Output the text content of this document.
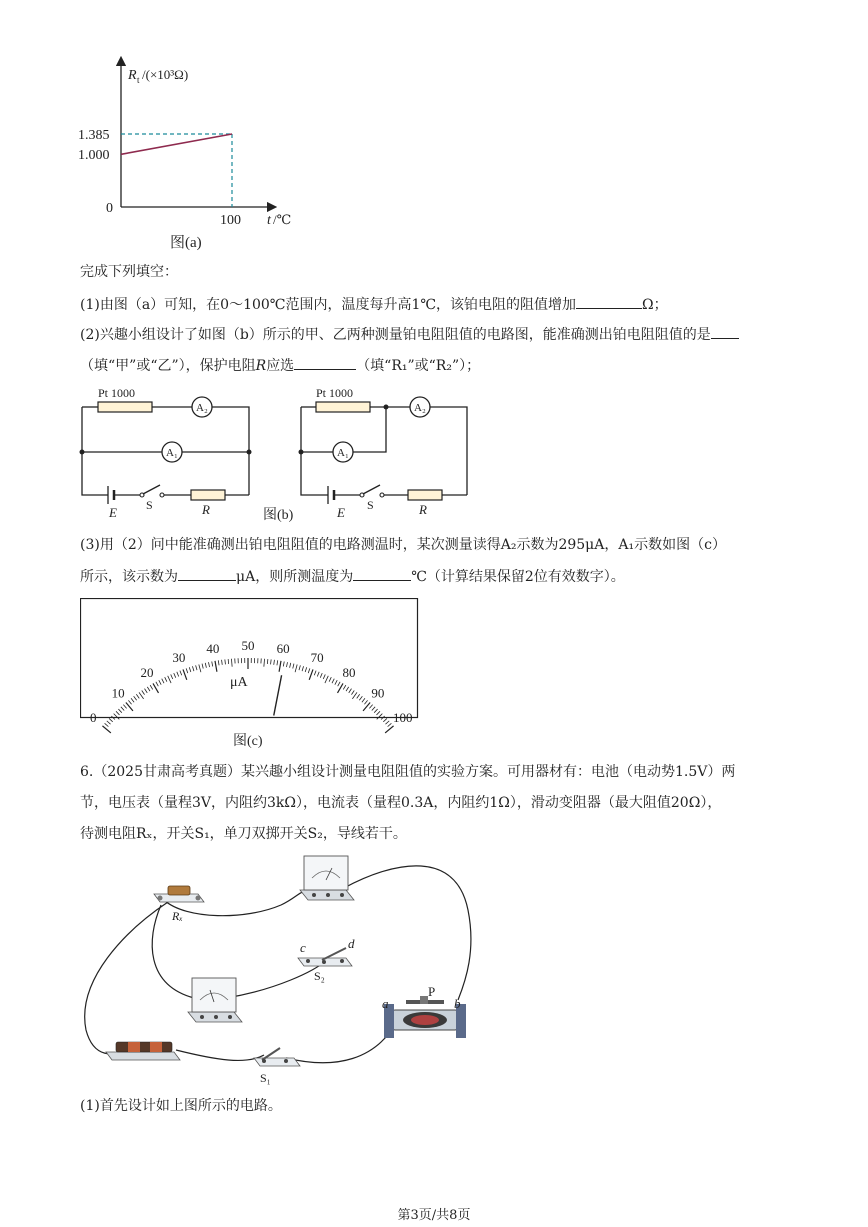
R t /(×10³Ω)
t /℃
1.385
1.000
0
100
图(a)
完成下列填空：
(1)由图（a）可知，在0～100℃范围内，温度每升高1℃，该铂电阻的阻值增加	Ω；
(2)兴趣小组设计了如图（b）所示的甲、乙两种测量铂电阻阻值的电路图，能准确测出铂电阻阻值的是
（填“甲”或“乙”），保护电阻R应选	（填“R₁”或“R₂”）；
Pt 1000
A₂
A₁
E S	R
Pt 1000
A₂
A₁
E S	R
图(b)
(3)用（2）问中能准确测出铂电阻阻值的电路测温时，某次测量读得A₂示数为295μA，A₁示数如图（c）
所示，该示数为	μA，则所测温度为	℃（计算结果保留2位有效数字）。
0
10
20
30
40 50 60
70
80
90
100
μA
图(c)
6.（2025甘肃高考真题）某兴趣小组设计测量电阻阻值的实验方案。可用器材有：电池（电动势1.5V）两
节，电压表（量程3V，内阻约3kΩ），电流表（量程0.3A，内阻约1Ω），滑动变阻器（最大阻值20Ω），
待测电阻Rₓ，开关S₁，单刀双掷开关S₂，导线若干。
Rₓ
c	d
S₂
a
P
b
S₁
(1)首先设计如上图所示的电路。
第3页/共8页
